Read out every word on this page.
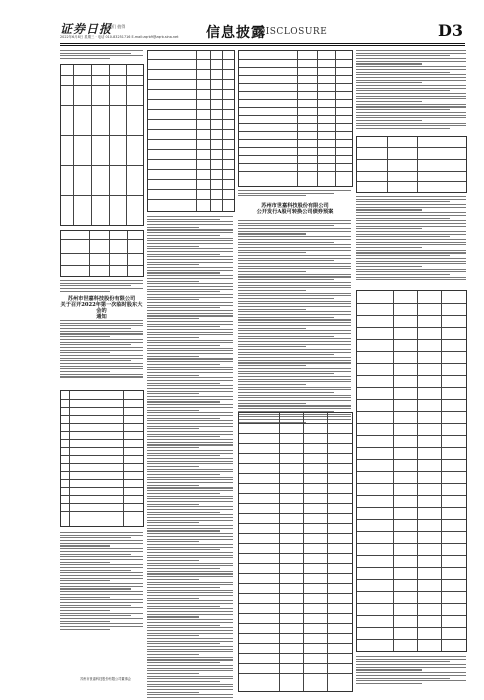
证券日报
我们 值得
2022年6月8日 星期三 · 电话 010-83251716 E-mail:zqrb9@zqrb.sina.net 信息披露
DISCLOSURE	D3
苏州市世嘉科技股份有限公司
关于召开2022年第一次临时股东大会的
通知
苏州市世嘉科技股份有限公司董事会
苏州市世嘉科技股份有限公司
公开发行A股可转换公司债券预案
